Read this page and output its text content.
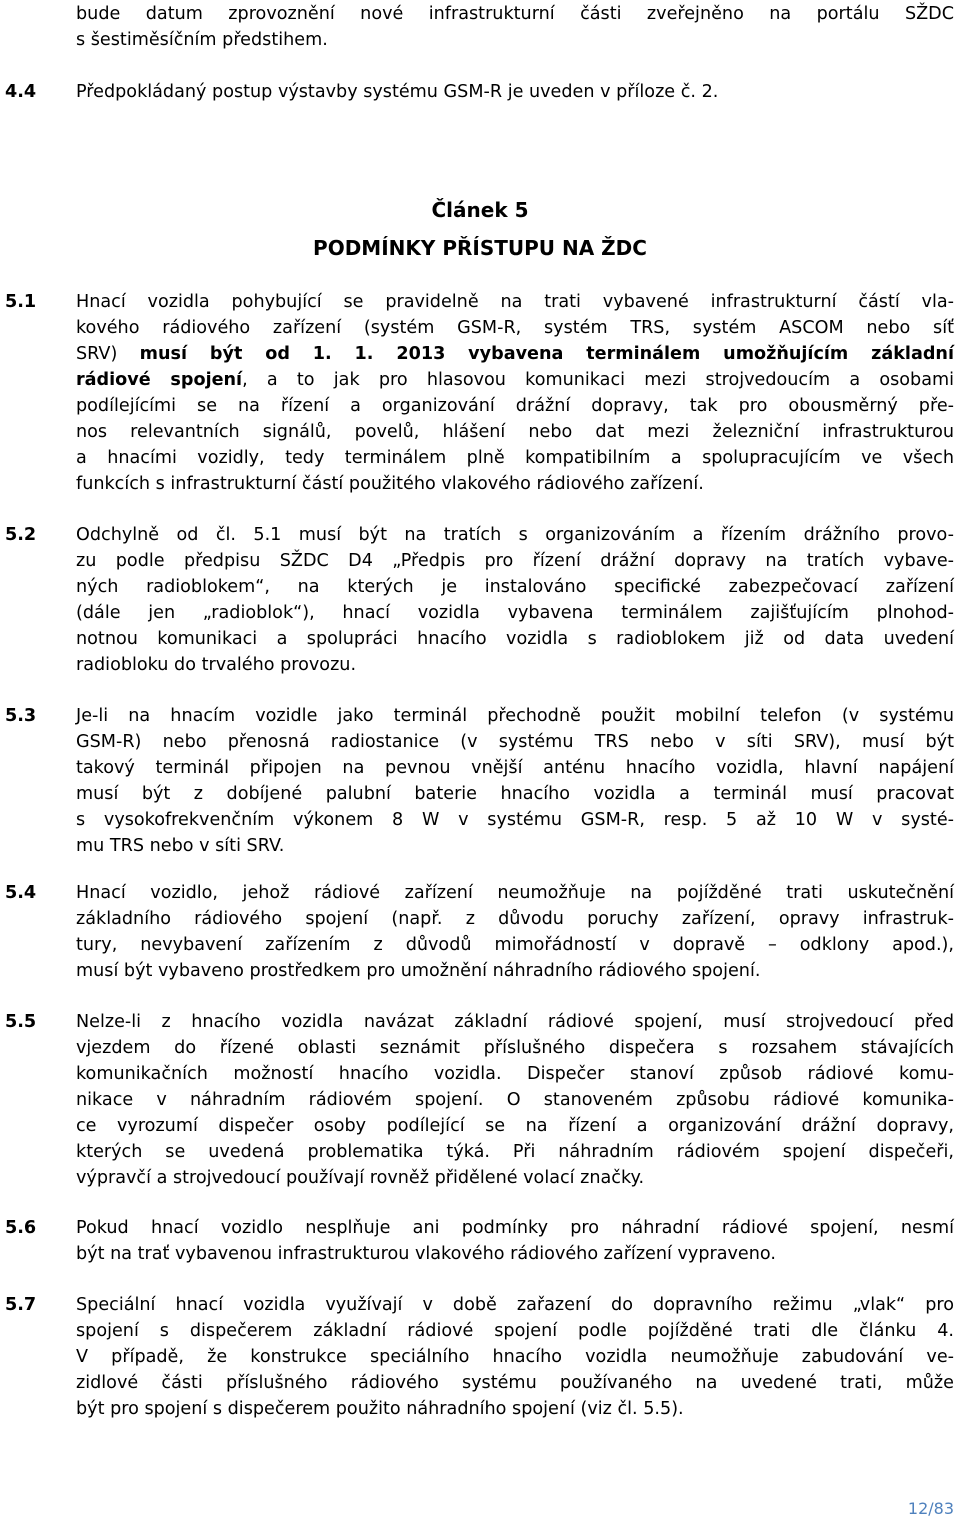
bude datum zprovoznění nové infrastrukturní části zveřejněno na portálu SŽDC
s šestiměsíčním předstihem.
4.4 Předpokládaný postup výstavby systému GSM-R je uveden v příloze č. 2.
Článek 5
PODMÍNKY PŘÍSTUPU NA ŽDC
5.1 Hnací vozidla pohybující se pravidelně na trati vybavené infrastrukturní částí vla-
kového rádiového zařízení (systém GSM-R, systém TRS, systém ASCOM nebo síť
SRV) musí být od 1. 1. 2013 vybavena terminálem umožňujícím základní
rádiové spojení, a to jak pro hlasovou komunikaci mezi strojvedoucím a osobami
podílejícími se na řízení a organizování drážní dopravy, tak pro obousměrný pře-
nos relevantních signálů, povelů, hlášení nebo dat mezi železniční infrastrukturou
a hnacími vozidly, tedy terminálem plně kompatibilním a spolupracujícím ve všech
funkcích s infrastrukturní částí použitého vlakového rádiového zařízení.
5.2 Odchylně od čl. 5.1 musí být na tratích s organizováním a řízením drážního provo-
zu podle předpisu SŽDC D4 „Předpis pro řízení drážní dopravy na tratích vybave-
ných radioblokem“, na kterých je instalováno specifické zabezpečovací zařízení
(dále jen „radioblok“), hnací vozidla vybavena terminálem zajišťujícím plnohod-
notnou komunikaci a spolupráci hnacího vozidla s radioblokem již od data uvedení
radiobloku do trvalého provozu.
5.3 Je-li na hnacím vozidle jako terminál přechodně použit mobilní telefon (v systému
GSM-R) nebo přenosná radiostanice (v systému TRS nebo v síti SRV), musí být
takový terminál připojen na pevnou vnější anténu hnacího vozidla, hlavní napájení
musí být z dobíjené palubní baterie hnacího vozidla a terminál musí pracovat
s vysokofrekvenčním výkonem 8 W v systému GSM-R, resp. 5 až 10 W v systé-
mu TRS nebo v síti SRV.
5.4 Hnací vozidlo, jehož rádiové zařízení neumožňuje na pojížděné trati uskutečnění
základního rádiového spojení (např. z důvodu poruchy zařízení, opravy infrastruk-
tury, nevybavení zařízením z důvodů mimořádností v dopravě – odklony apod.),
musí být vybaveno prostředkem pro umožnění náhradního rádiového spojení.
5.5 Nelze-li z hnacího vozidla navázat základní rádiové spojení, musí strojvedoucí před
vjezdem do řízené oblasti seznámit příslušného dispečera s rozsahem stávajících
komunikačních možností hnacího vozidla. Dispečer stanoví způsob rádiové komu-
nikace v náhradním rádiovém spojení. O stanoveném způsobu rádiové komunika-
ce vyrozumí dispečer osoby podílející se na řízení a organizování drážní dopravy,
kterých se uvedená problematika týká. Při náhradním rádiovém spojení dispečeři,
výpravčí a strojvedoucí používají rovněž přidělené volací značky.
5.6 Pokud hnací vozidlo nesplňuje ani podmínky pro náhradní rádiové spojení, nesmí
být na trať vybavenou infrastrukturou vlakového rádiového zařízení vypraveno.
5.7 Speciální hnací vozidla využívají v době zařazení do dopravního režimu „vlak“ pro
spojení s dispečerem základní rádiové spojení podle pojížděné trati dle článku 4.
V případě, že konstrukce speciálního hnacího vozidla neumožňuje zabudování ve-
zidlové části příslušného rádiového systému používaného na uvedené trati, může
být pro spojení s dispečerem použito náhradního spojení (viz čl. 5.5).
12/83
